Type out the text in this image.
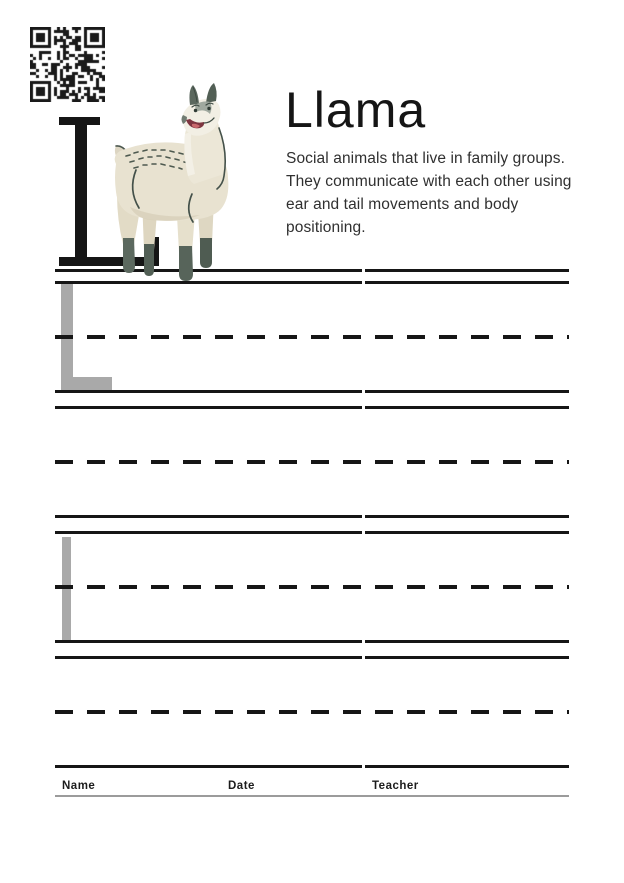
Llama
Social animals that live in family groups. They communicate with each other using ear and tail movements and body positioning.
Name	Date	Teacher
